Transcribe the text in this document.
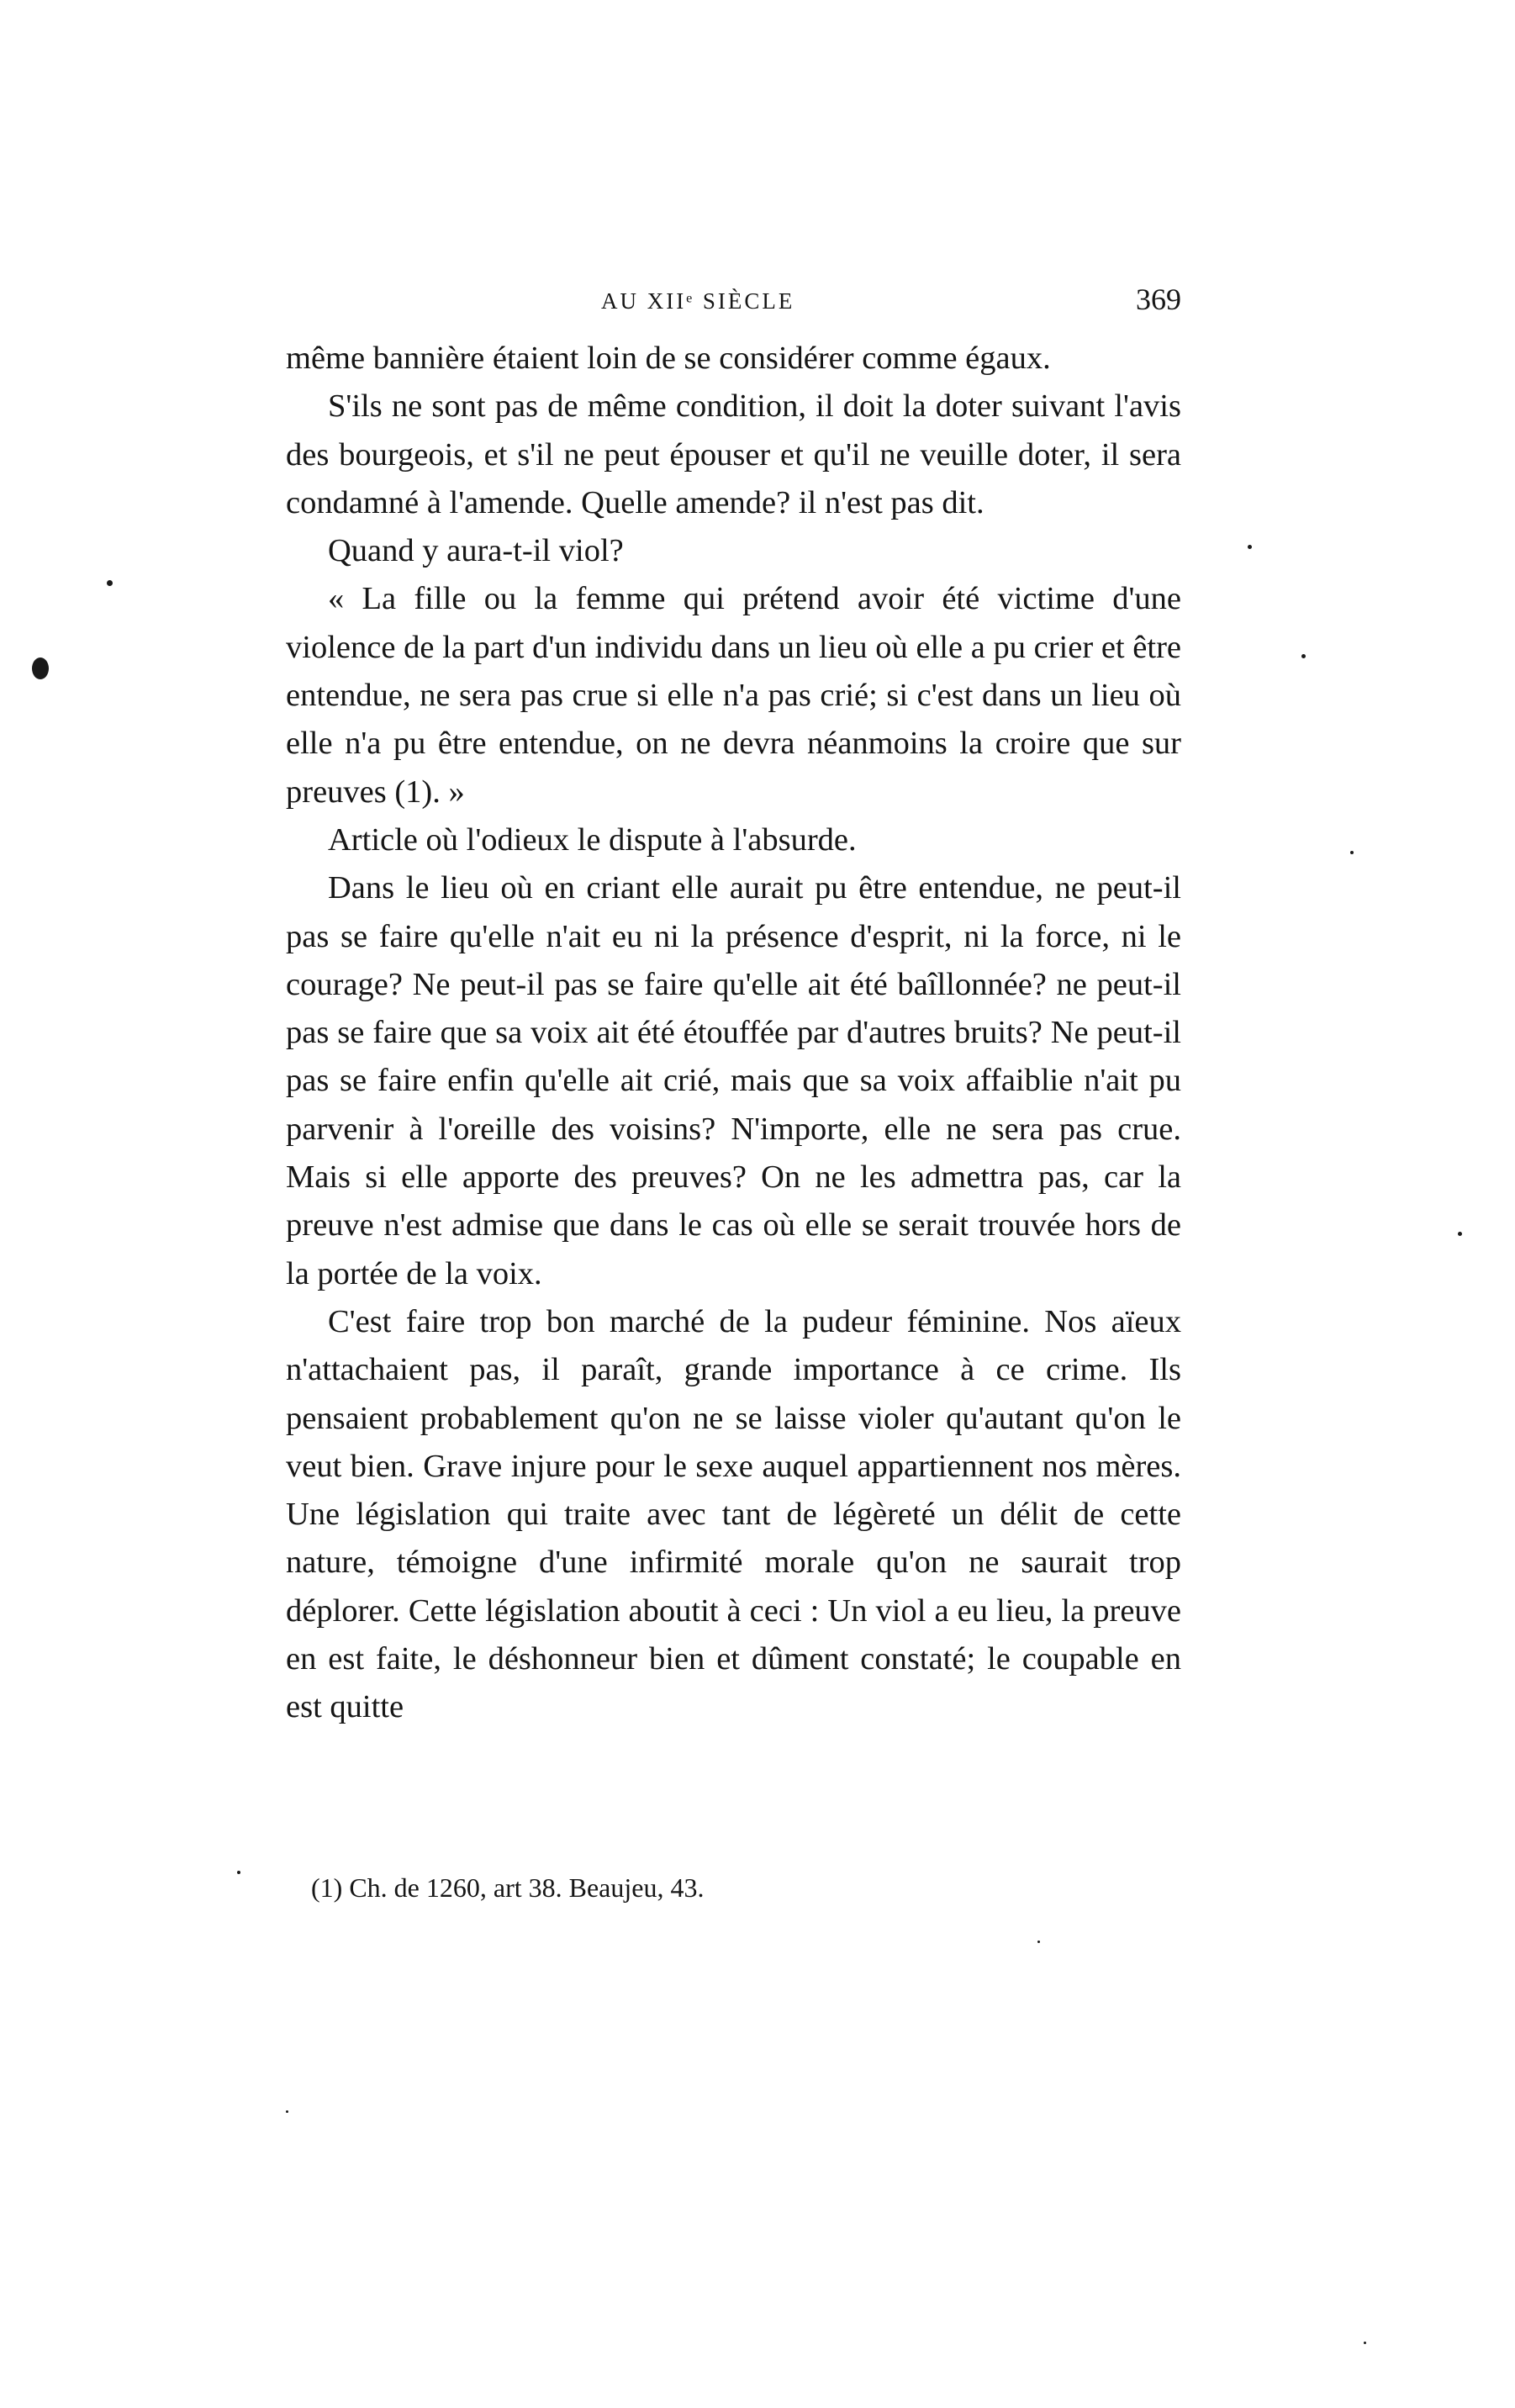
AU XIIᵉ SIÈCLE	369

même bannière étaient loin de se considérer comme égaux.

S'ils ne sont pas de même condition, il doit la doter suivant l'avis des bourgeois, et s'il ne peut épouser et qu'il ne veuille doter, il sera condamné à l'amende. Quelle amende? il n'est pas dit.

Quand y aura-t-il viol?

« La fille ou la femme qui prétend avoir été victime d'une violence de la part d'un individu dans un lieu où elle a pu crier et être entendue, ne sera pas crue si elle n'a pas crié; si c'est dans un lieu où elle n'a pu être entendue, on ne devra néanmoins la croire que sur preuves (1). »

Article où l'odieux le dispute à l'absurde.

Dans le lieu où en criant elle aurait pu être entendue, ne peut-il pas se faire qu'elle n'ait eu ni la présence d'esprit, ni la force, ni le courage? Ne peut-il pas se faire qu'elle ait été baîllonnée? ne peut-il pas se faire que sa voix ait été étouffée par d'autres bruits? Ne peut-il pas se faire enfin qu'elle ait crié, mais que sa voix affaiblie n'ait pu parvenir à l'oreille des voisins? N'importe, elle ne sera pas crue. Mais si elle apporte des preuves? On ne les admettra pas, car la preuve n'est admise que dans le cas où elle se serait trouvée hors de la portée de la voix.

C'est faire trop bon marché de la pudeur féminine. Nos aïeux n'attachaient pas, il paraît, grande importance à ce crime. Ils pensaient probablement qu'on ne se laisse violer qu'autant qu'on le veut bien. Grave injure pour le sexe auquel appartiennent nos mères. Une législation qui traite avec tant de légèreté un délit de cette nature, témoigne d'une infirmité morale qu'on ne saurait trop déplorer. Cette législation aboutit à ceci : Un viol a eu lieu, la preuve en est faite, le déshonneur bien et dûment constaté; le coupable en est quitte

(1) Ch. de 1260, art 38. Beaujeu, 43.
